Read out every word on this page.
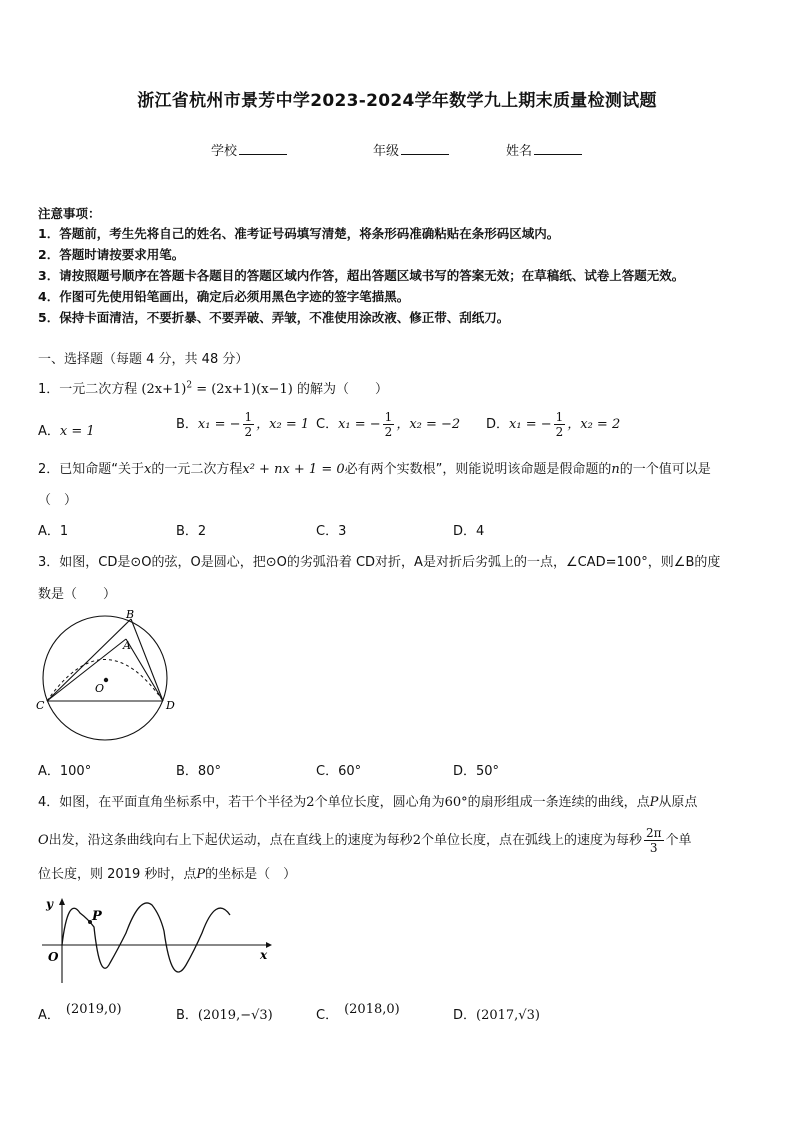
浙江省杭州市景芳中学2023-2024学年数学九上期末质量检测试题
学校	年级	姓名
注意事项：
1．答题前，考生先将自己的姓名、准考证号码填写清楚，将条形码准确粘贴在条形码区域内。
2．答题时请按要求用笔。
3．请按照题号顺序在答题卡各题目的答题区域内作答，超出答题区域书写的答案无效；在草稿纸、试卷上答题无效。
4．作图可先使用铅笔画出，确定后必须用黑色字迹的签字笔描黑。
5．保持卡面清洁，不要折暴、不要弄破、弄皱，不准使用涂改液、修正带、刮纸刀。
一、选择题（每题 4 分，共 48 分）
1．一元二次方程 $(2x+1)^2 = (2x+1)(x-1)$ 的解为（　　）
A．x = 1	B．x₁ = − $\frac{1}{2}$ ，x₂ = 1 C．x₁ = − $\frac{1}{2}$ ，x₂ = −2 D．x₁ = − $\frac{1}{2}$ ，x₂ = 2
2．已知命题“关于x的一元二次方程x² + nx + 1 = 0必有两个实数根”，则能说明该命题是假命题的n的一个值可以是
（　）
A．1	B．2	C．3	D．4
3．如图，CD是⊙O的弦，O是圆心，把⊙O的劣弧沿着 CD对折，A是对折后劣弧上的一点，∠CAD=100°，则∠B的度
数是（　　）
B
A
O
C	D
A．100°	B．80°	C．60°	D．50°
4．如图，在平面直角坐标系中，若干个半径为2个单位长度，圆心角为60°的扇形组成一条连续的曲线，点P从原点
O出发，沿这条曲线向右上下起伏运动，点在直线上的速度为每秒2个单位长度，点在弧线上的速度为每秒 $\frac{2\pi}{3}$ 个单
位长度，则 2019 秒时，点P的坐标是（　）
y
P
O	x
A． (2019,0)	B．(2019,−√3)	C． (2018,0)	D．(2017,√3)
